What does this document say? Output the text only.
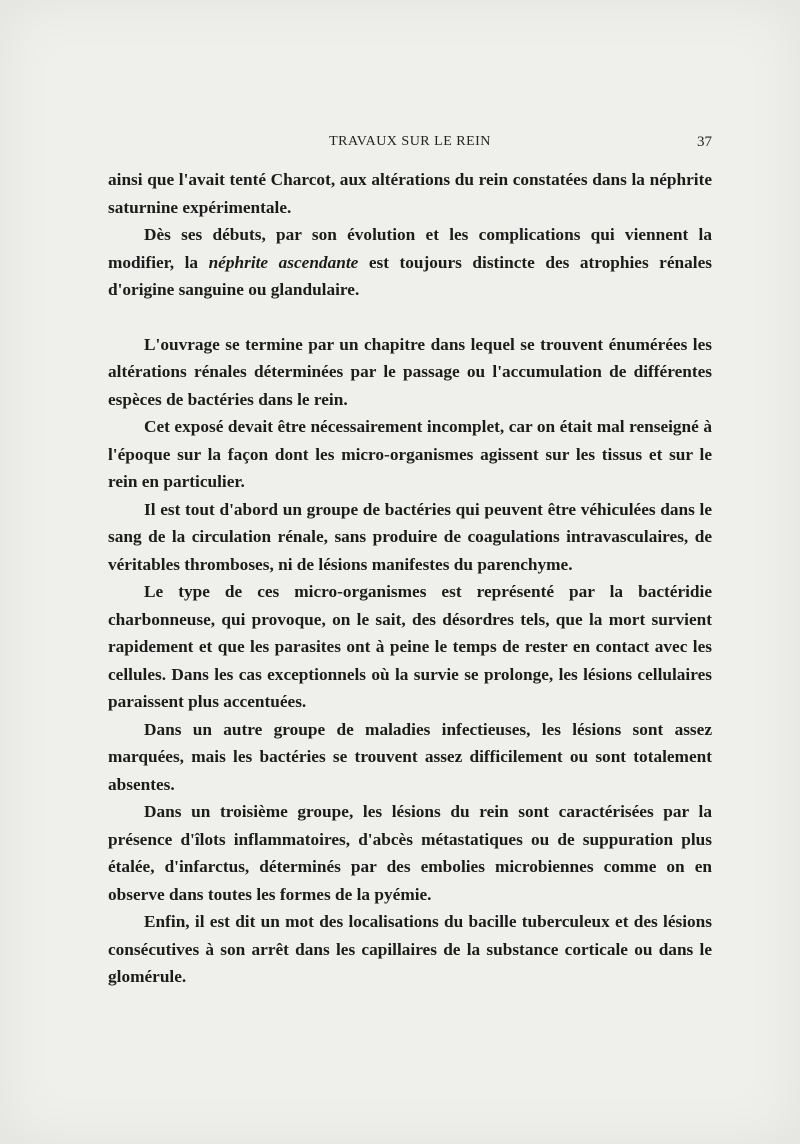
TRAVAUX SUR LE REIN	37

ainsi que l'avait tenté Charcot, aux altérations du rein constatées dans la néphrite saturnine expérimentale.

Dès ses débuts, par son évolution et les complications qui viennent la modifier, la néphrite ascendante est toujours distincte des atrophies rénales d'origine sanguine ou glandulaire.

L'ouvrage se termine par un chapitre dans lequel se trouvent énumérées les altérations rénales déterminées par le passage ou l'accumulation de différentes espèces de bactéries dans le rein.

Cet exposé devait être nécessairement incomplet, car on était mal renseigné à l'époque sur la façon dont les micro-organismes agissent sur les tissus et sur le rein en particulier.

Il est tout d'abord un groupe de bactéries qui peuvent être véhiculées dans le sang de la circulation rénale, sans produire de coagulations intravasculaires, de véritables thromboses, ni de lésions manifestes du parenchyme.

Le type de ces micro-organismes est représenté par la bactéridie charbonneuse, qui provoque, on le sait, des désordres tels, que la mort survient rapidement et que les parasites ont à peine le temps de rester en contact avec les cellules. Dans les cas exceptionnels où la survie se prolonge, les lésions cellulaires paraissent plus accentuées.

Dans un autre groupe de maladies infectieuses, les lésions sont assez marquées, mais les bactéries se trouvent assez difficilement ou sont totalement absentes.

Dans un troisième groupe, les lésions du rein sont caractérisées par la présence d'îlots inflammatoires, d'abcès métastatiques ou de suppuration plus étalée, d'infarctus, déterminés par des embolies microbiennes comme on en observe dans toutes les formes de la pyémie.

Enfin, il est dit un mot des localisations du bacille tuberculeux et des lésions consécutives à son arrêt dans les capillaires de la substance corticale ou dans le glomérule.
